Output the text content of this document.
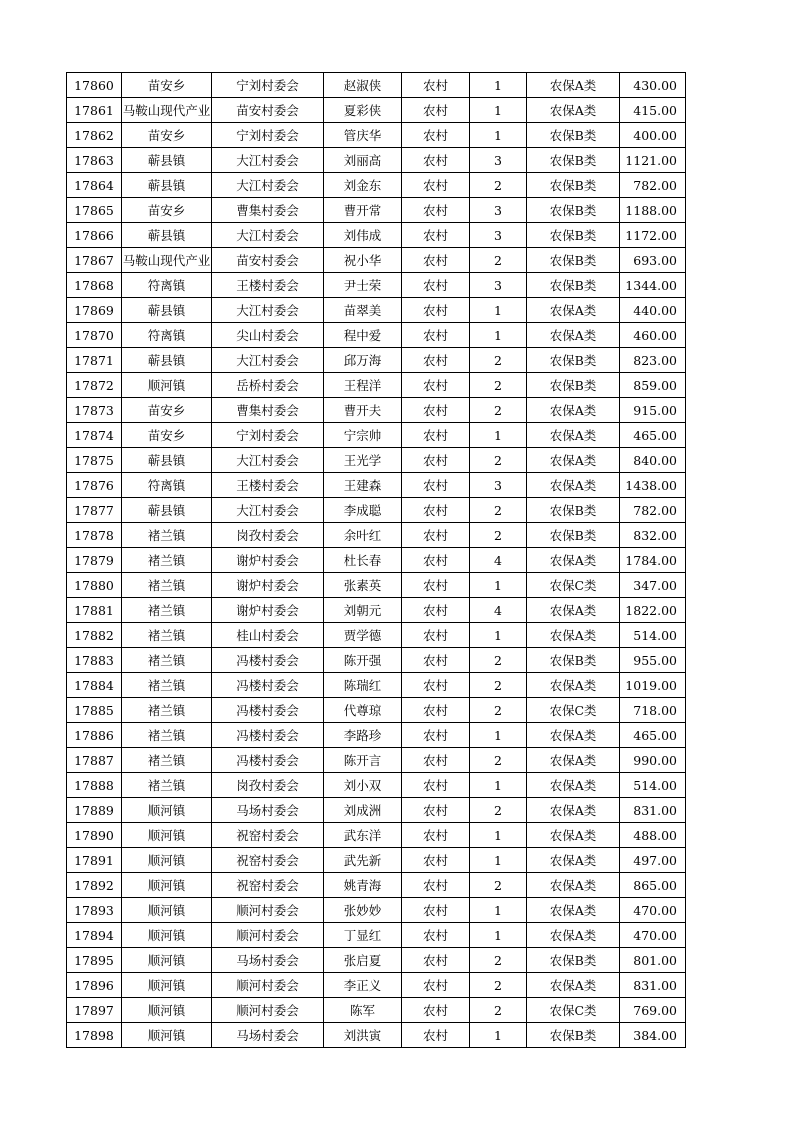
17860	苗安乡	宁刘村委会	赵淑侠	农村	1	农保A类	430.00
17861	马鞍山现代产业	苗安村委会	夏彩侠	农村	1	农保A类	415.00
17862	苗安乡	宁刘村委会	管庆华	农村	1	农保B类	400.00
17863	蕲县镇	大江村委会	刘丽高	农村	3	农保B类	1121.00
17864	蕲县镇	大江村委会	刘金东	农村	2	农保B类	782.00
17865	苗安乡	曹集村委会	曹开常	农村	3	农保B类	1188.00
17866	蕲县镇	大江村委会	刘伟成	农村	3	农保B类	1172.00
17867	马鞍山现代产业	苗安村委会	祝小华	农村	2	农保B类	693.00
17868	符离镇	王楼村委会	尹士荣	农村	3	农保B类	1344.00
17869	蕲县镇	大江村委会	苗翠美	农村	1	农保A类	440.00
17870	符离镇	尖山村委会	程中爱	农村	1	农保A类	460.00
17871	蕲县镇	大江村委会	邱万海	农村	2	农保B类	823.00
17872	顺河镇	岳桥村委会	王程洋	农村	2	农保B类	859.00
17873	苗安乡	曹集村委会	曹开夫	农村	2	农保A类	915.00
17874	苗安乡	宁刘村委会	宁宗帅	农村	1	农保A类	465.00
17875	蕲县镇	大江村委会	王光学	农村	2	农保A类	840.00
17876	符离镇	王楼村委会	王建森	农村	3	农保A类	1438.00
17877	蕲县镇	大江村委会	李成聪	农村	2	农保B类	782.00
17878	褚兰镇	岗孜村委会	余叶红	农村	2	农保B类	832.00
17879	褚兰镇	谢炉村委会	杜长春	农村	4	农保A类	1784.00
17880	褚兰镇	谢炉村委会	张素英	农村	1	农保C类	347.00
17881	褚兰镇	谢炉村委会	刘朝元	农村	4	农保A类	1822.00
17882	褚兰镇	桂山村委会	贾学德	农村	1	农保A类	514.00
17883	褚兰镇	冯楼村委会	陈开强	农村	2	农保B类	955.00
17884	褚兰镇	冯楼村委会	陈瑞红	农村	2	农保A类	1019.00
17885	褚兰镇	冯楼村委会	代尊琼	农村	2	农保C类	718.00
17886	褚兰镇	冯楼村委会	李路珍	农村	1	农保A类	465.00
17887	褚兰镇	冯楼村委会	陈开言	农村	2	农保A类	990.00
17888	褚兰镇	岗孜村委会	刘小双	农村	1	农保A类	514.00
17889	顺河镇	马场村委会	刘成洲	农村	2	农保A类	831.00
17890	顺河镇	祝窑村委会	武东洋	农村	1	农保A类	488.00
17891	顺河镇	祝窑村委会	武先新	农村	1	农保A类	497.00
17892	顺河镇	祝窑村委会	姚青海	农村	2	农保A类	865.00
17893	顺河镇	顺河村委会	张妙妙	农村	1	农保A类	470.00
17894	顺河镇	顺河村委会	丁显红	农村	1	农保A类	470.00
17895	顺河镇	马场村委会	张启夏	农村	2	农保B类	801.00
17896	顺河镇	顺河村委会	李正义	农村	2	农保A类	831.00
17897	顺河镇	顺河村委会	陈军	农村	2	农保C类	769.00
17898	顺河镇	马场村委会	刘洪寅	农村	1	农保B类	384.00
